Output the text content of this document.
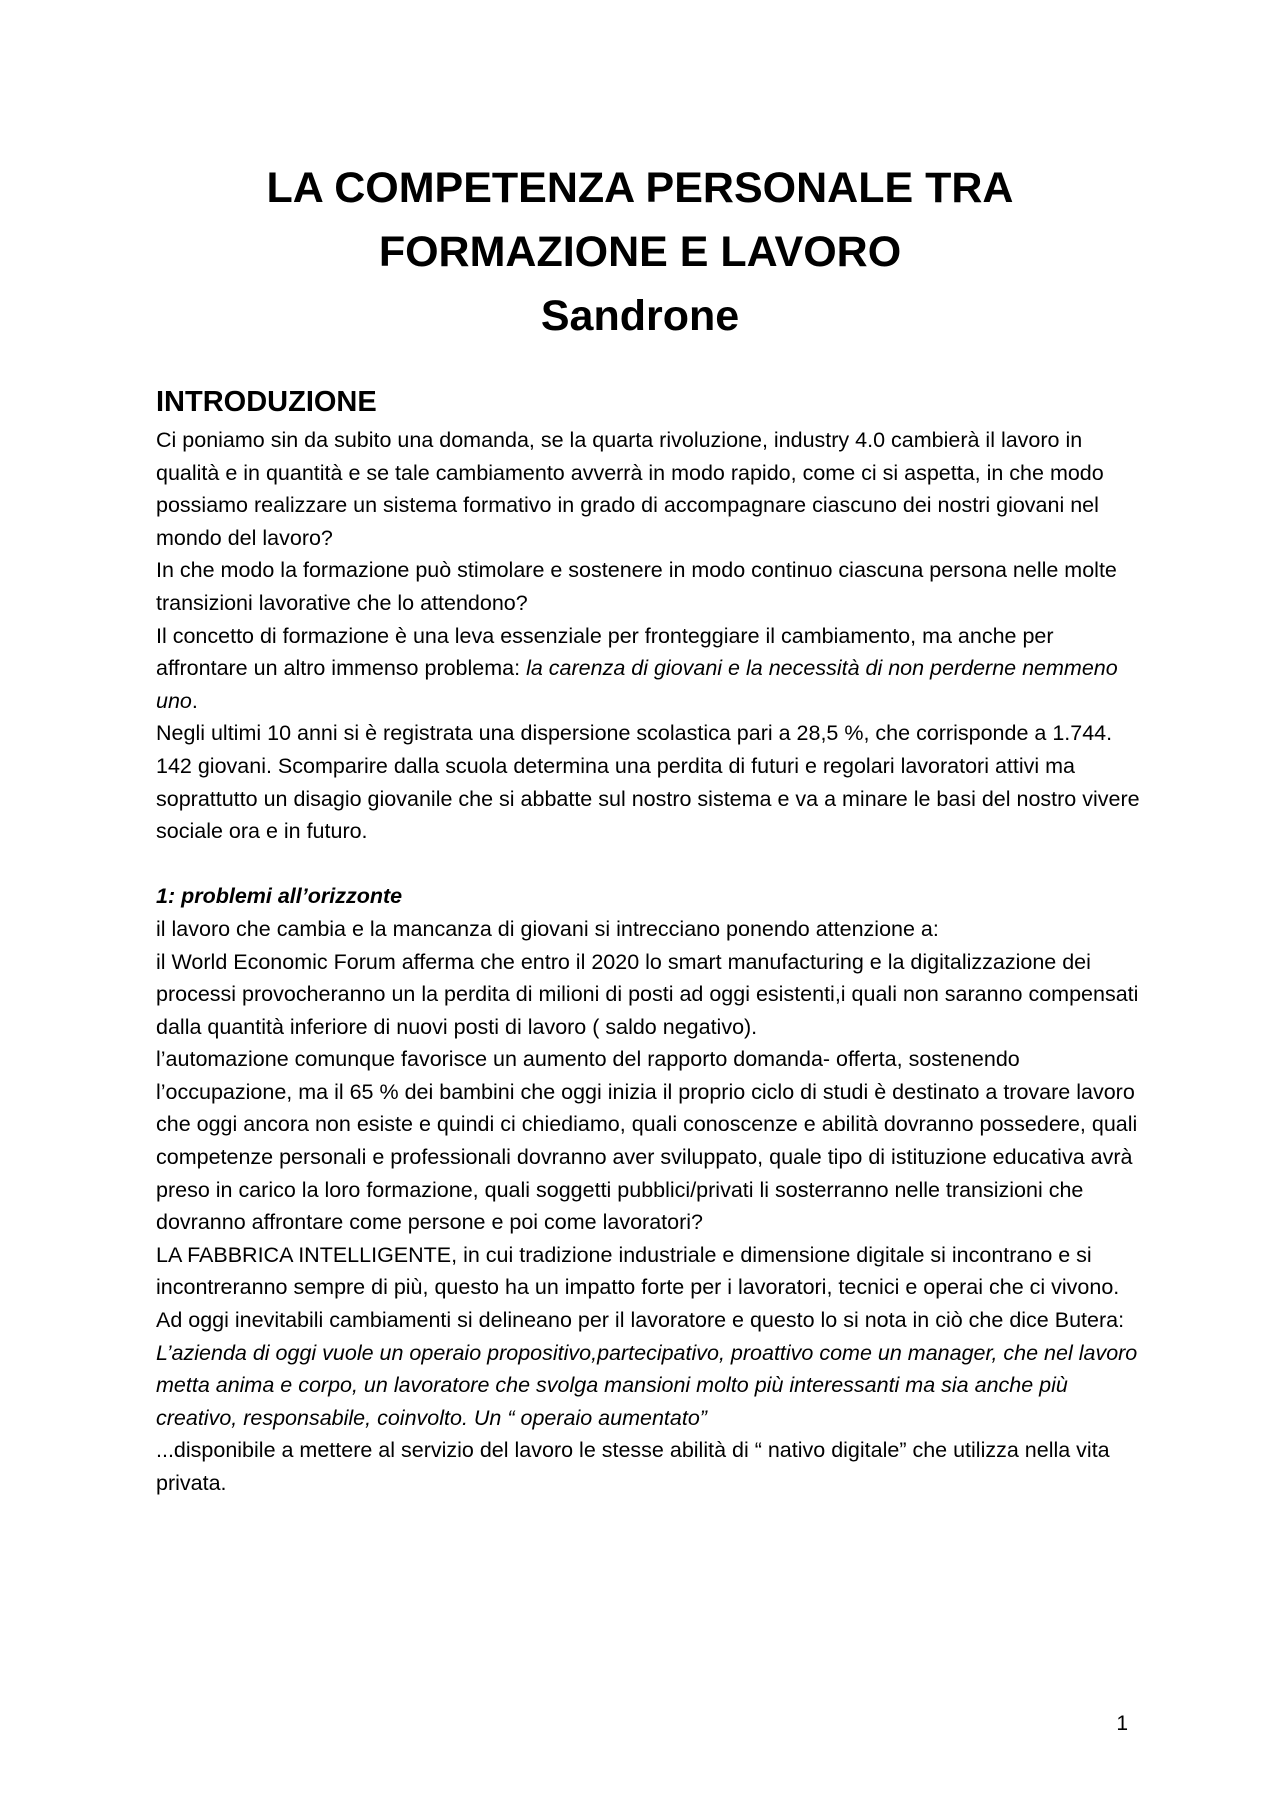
LA COMPETENZA PERSONALE TRA
FORMAZIONE E LAVORO
Sandrone
INTRODUZIONE

Ci poniamo sin da subito una domanda, se la quarta rivoluzione, industry 4.0 cambierà il lavoro in qualità e in quantità e se tale cambiamento avverrà in modo rapido, come ci si aspetta, in che modo possiamo realizzare un sistema formativo in grado di accompagnare ciascuno dei nostri giovani nel mondo del lavoro?

In che modo la formazione può stimolare e sostenere in modo continuo ciascuna persona nelle molte transizioni lavorative che lo attendono?

Il concetto di formazione è una leva essenziale per fronteggiare il cambiamento, ma anche per affrontare un altro immenso problema: la carenza di giovani e la necessità di non perderne nemmeno uno.

Negli ultimi 10 anni si è registrata una dispersione scolastica pari a 28,5 %, che corrisponde a 1.744. 142 giovani. Scomparire dalla scuola determina una perdita di futuri e regolari lavoratori attivi ma soprattutto un disagio giovanile che si abbatte sul nostro sistema e va a minare le basi del nostro vivere sociale ora e in futuro.

1: problemi all’orizzonte

il lavoro che cambia e la mancanza di giovani si intrecciano ponendo attenzione a:

il World Economic Forum afferma che entro il 2020 lo smart manufacturing e la digitalizzazione dei processi provocheranno un la perdita di milioni di posti ad oggi esistenti,i quali non saranno compensati dalla quantità inferiore di nuovi posti di lavoro ( saldo negativo).

l’automazione comunque favorisce un aumento del rapporto domanda- offerta, sostenendo l’occupazione, ma il 65 % dei bambini che oggi inizia il proprio ciclo di studi è destinato a trovare lavoro che oggi ancora non esiste e quindi ci chiediamo, quali conoscenze e abilità dovranno possedere, quali competenze personali e professionali dovranno aver sviluppato, quale tipo di istituzione educativa avrà preso in carico la loro formazione, quali soggetti pubblici/privati li sosterranno nelle transizioni che dovranno affrontare come persone e poi come lavoratori?

LA FABBRICA INTELLIGENTE, in cui tradizione industriale e dimensione digitale si incontrano e si incontreranno sempre di più, questo ha un impatto forte per i lavoratori, tecnici e operai che ci vivono.

Ad oggi inevitabili cambiamenti si delineano per il lavoratore e questo lo si nota in ciò che dice Butera:

L’azienda di oggi vuole un operaio propositivo,partecipativo, proattivo come un manager, che nel lavoro metta anima e corpo, un lavoratore che svolga mansioni molto più interessanti ma sia anche più creativo, responsabile, coinvolto. Un “ operaio aumentato”

...disponibile a mettere al servizio del lavoro le stesse abilità di “ nativo digitale” che utilizza nella vita privata.

1
